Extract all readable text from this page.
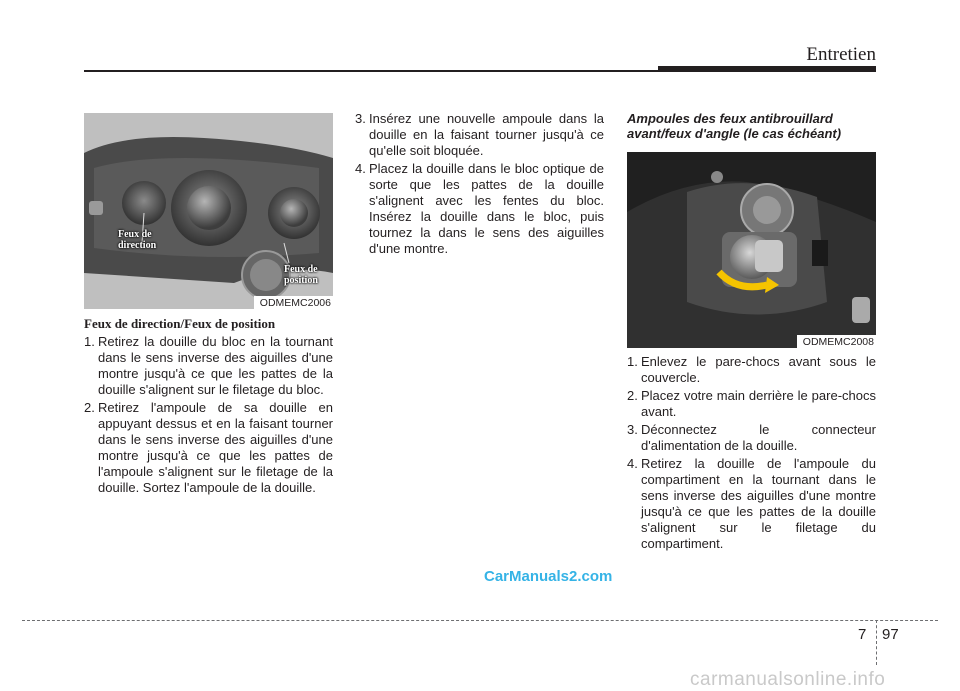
Entretien
Feux de
direction
Feux de
position
ODMEMC2006
Feux de direction/Feux de position
1. Retirez la douille du bloc en la tournant dans le sens inverse des aiguilles d'une montre jusqu'à ce que les pattes de la douille s'alignent sur le filetage du bloc.
2. Retirez l'ampoule de sa douille en appuyant dessus et en la faisant tourner dans le sens inverse des aiguilles d'une montre jusqu'à ce que les pattes de l'ampoule s'alignent sur le filetage de la douille. Sortez l'ampoule de la douille.
3. Insérez une nouvelle ampoule dans la douille en la faisant tourner jusqu'à ce qu'elle soit bloquée.
4. Placez la douille dans le bloc optique de sorte que les pattes de la douille s'alignent avec les fentes du bloc. Insérez la douille dans le bloc, puis tournez la dans le sens des aiguilles d'une montre.
Ampoules des feux antibrouillard avant/feux d'angle (le cas échéant)
ODMEMC2008
1. Enlevez le pare-chocs avant sous le couvercle.
2. Placez votre main derrière le pare-chocs avant.
3. Déconnectez le connecteur d'alimentation de la douille.
4. Retirez la douille de l'ampoule du compartiment en la tournant dans le sens inverse des aiguilles d'une montre jusqu'à ce que les pattes de la douille s'alignent sur le filetage du compartiment.
CarManuals2.com
7 97
carmanualsonline.info
